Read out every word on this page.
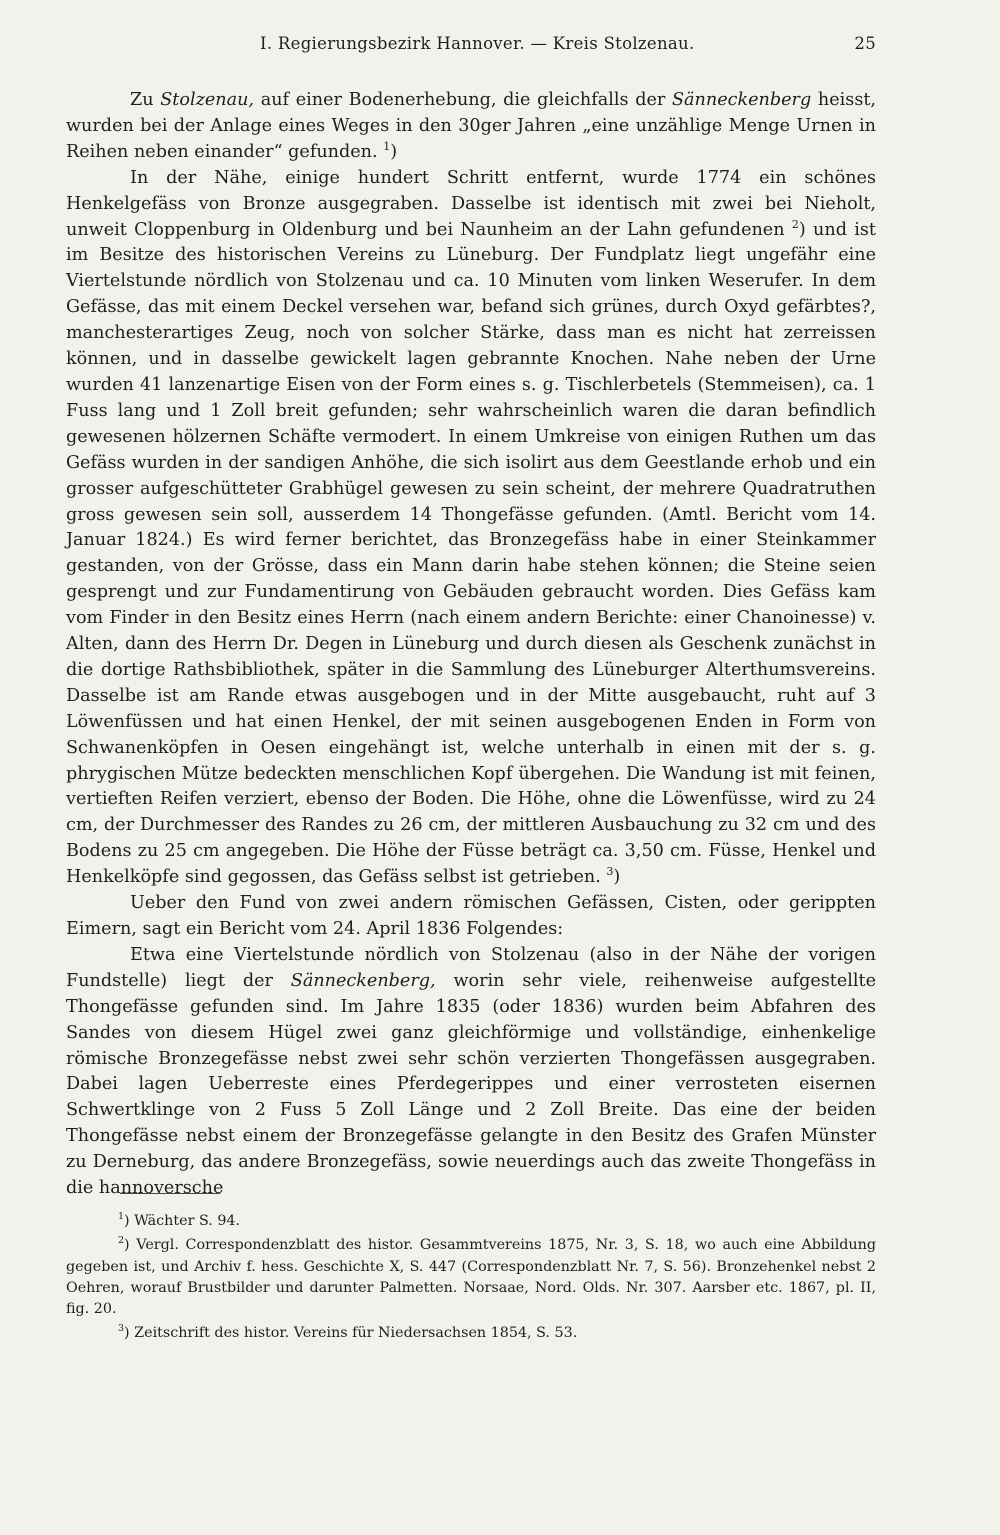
I. Regierungsbezirk Hannover. — Kreis Stolzenau.	25

Zu Stolzenau, auf einer Bodenerhebung, die gleichfalls der Sänneckenberg heisst, wurden bei der Anlage eines Weges in den 30ger Jahren „eine unzählige Menge Urnen in Reihen neben einander“ gefunden. $^1$)

In der Nähe, einige hundert Schritt entfernt, wurde 1774 ein schönes Henkelgefäss von Bronze ausgegraben. Dasselbe ist identisch mit zwei bei Nieholt, unweit Cloppenburg in Oldenburg und bei Naunheim an der Lahn gefundenen $^2$) und ist im Besitze des historischen Vereins zu Lüneburg. Der Fundplatz liegt ungefähr eine Viertelstunde nördlich von Stolzenau und ca. 10 Minuten vom linken Weserufer. In dem Gefässe, das mit einem Deckel versehen war, befand sich grünes, durch Oxyd gefärbtes?, manchesterartiges Zeug, noch von solcher Stärke, dass man es nicht hat zerreissen können, und in dasselbe gewickelt lagen gebrannte Knochen. Nahe neben der Urne wurden 41 lanzenartige Eisen von der Form eines s. g. Tischlerbetels (Stemmeisen), ca. 1 Fuss lang und 1 Zoll breit gefunden; sehr wahrscheinlich waren die daran befindlich gewesenen hölzernen Schäfte vermodert. In einem Umkreise von einigen Ruthen um das Gefäss wurden in der sandigen Anhöhe, die sich isolirt aus dem Geestlande erhob und ein grosser aufgeschütteter Grabhügel gewesen zu sein scheint, der mehrere Quadratruthen gross gewesen sein soll, ausserdem 14 Thongefässe gefunden. (Amtl. Bericht vom 14. Januar 1824.) Es wird ferner berichtet, das Bronzegefäss habe in einer Steinkammer gestanden, von der Grösse, dass ein Mann darin habe stehen können; die Steine seien gesprengt und zur Fundamentirung von Gebäuden gebraucht worden. Dies Gefäss kam vom Finder in den Besitz eines Herrn (nach einem andern Berichte: einer Chanoinesse) v. Alten, dann des Herrn Dr. Degen in Lüneburg und durch diesen als Geschenk zunächst in die dortige Rathsbibliothek, später in die Sammlung des Lüneburger Alterthumsvereins. Dasselbe ist am Rande etwas ausgebogen und in der Mitte ausgebaucht, ruht auf 3 Löwenfüssen und hat einen Henkel, der mit seinen ausgebogenen Enden in Form von Schwanenköpfen in Oesen eingehängt ist, welche unterhalb in einen mit der s. g. phrygischen Mütze bedeckten menschlichen Kopf übergehen. Die Wandung ist mit feinen, vertieften Reifen verziert, ebenso der Boden. Die Höhe, ohne die Löwenfüsse, wird zu 24 cm, der Durchmesser des Randes zu 26 cm, der mittleren Ausbauchung zu 32 cm und des Bodens zu 25 cm angegeben. Die Höhe der Füsse beträgt ca. 3,50 cm. Füsse, Henkel und Henkelköpfe sind gegossen, das Gefäss selbst ist getrieben. $^3$)

Ueber den Fund von zwei andern römischen Gefässen, Cisten, oder gerippten Eimern, sagt ein Bericht vom 24. April 1836 Folgendes:

Etwa eine Viertelstunde nördlich von Stolzenau (also in der Nähe der vorigen Fundstelle) liegt der Sänneckenberg, worin sehr viele, reihenweise aufgestellte Thongefässe gefunden sind. Im Jahre 1835 (oder 1836) wurden beim Abfahren des Sandes von diesem Hügel zwei ganz gleichförmige und vollständige, einhenkelige römische Bronzegefässe nebst zwei sehr schön verzierten Thongefässen ausgegraben. Dabei lagen Ueberreste eines Pferdegerippes und einer verrosteten eisernen Schwertklinge von 2 Fuss 5 Zoll Länge und 2 Zoll Breite. Das eine der beiden Thongefässe nebst einem der Bronzegefässe gelangte in den Besitz des Grafen Münster zu Derneburg, das andere Bronzegefäss, sowie neuerdings auch das zweite Thongefäss in die hannoversche

$^1$) Wächter S. 94.

$^2$) Vergl. Correspondenzblatt des histor. Gesammtvereins 1875, Nr. 3, S. 18, wo auch eine Abbildung gegeben ist, und Archiv f. hess. Geschichte X, S. 447 (Correspondenzblatt Nr. 7, S. 56). Bronzehenkel nebst 2 Oehren, worauf Brustbilder und darunter Palmetten. Norsaae, Nord. Olds. Nr. 307. Aarsber etc. 1867, pl. II, fig. 20.

$^3$) Zeitschrift des histor. Vereins für Niedersachsen 1854, S. 53.
